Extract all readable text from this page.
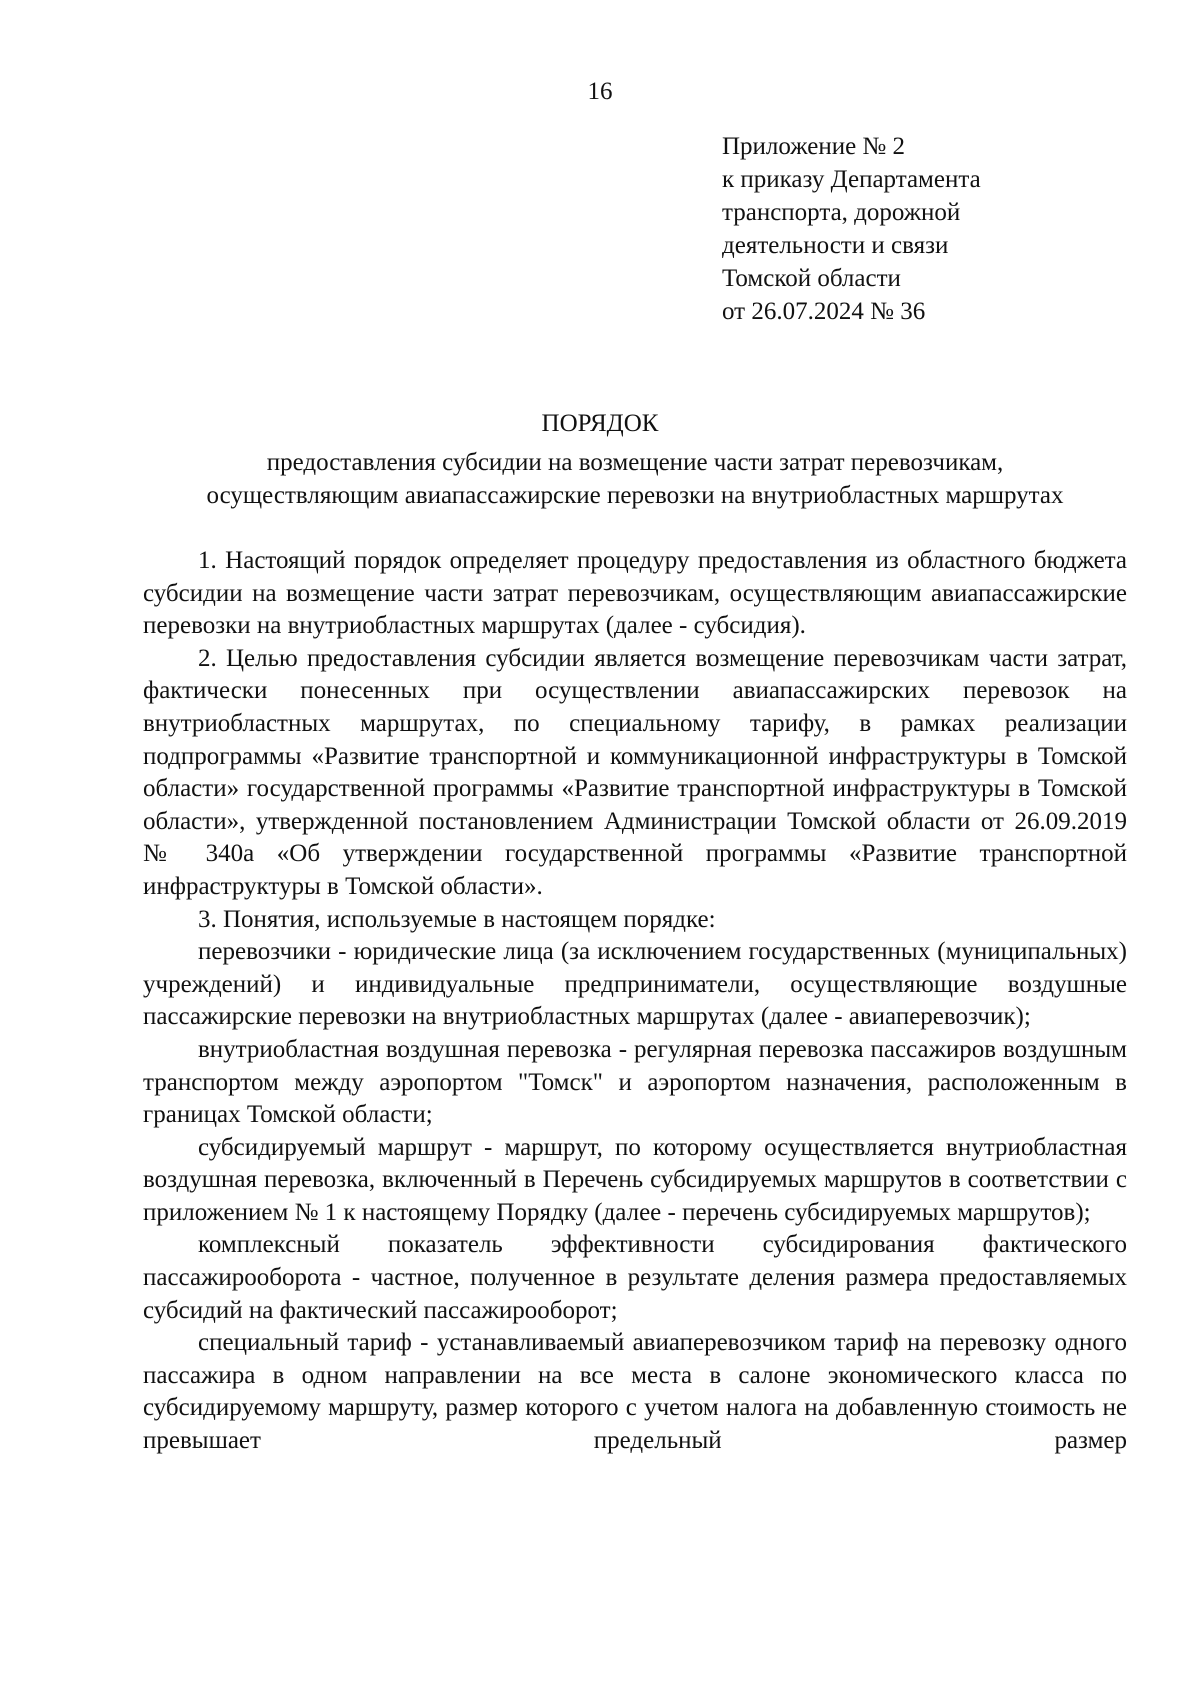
16
Приложение № 2
к приказу Департамента
транспорта, дорожной
деятельности и связи
Томской области
от 26.07.2024 № 36
ПОРЯДОК
предоставления субсидии на возмещение части затрат перевозчикам,
осуществляющим авиапассажирские перевозки на внутриобластных маршрутах

1. Настоящий порядок определяет процедуру предоставления из областного бюджета субсидии на возмещение части затрат перевозчикам, осуществляющим авиапассажирские перевозки на внутриобластных маршрутах (далее - субсидия).

2. Целью предоставления субсидии является возмещение перевозчикам части затрат, фактически понесенных при осуществлении авиапассажирских перевозок на внутриобластных маршрутах, по специальному тарифу, в рамках реализации подпрограммы «Развитие транспортной и коммуникационной инфраструктуры в Томской области» государственной программы «Развитие транспортной инфраструктуры в Томской области», утвержденной постановлением Администрации Томской области от 26.09.2019 № 340а «Об утверждении государственной программы «Развитие транспортной инфраструктуры в Томской области».

3. Понятия, используемые в настоящем порядке:

перевозчики - юридические лица (за исключением государственных (муниципальных) учреждений) и индивидуальные предприниматели, осуществляющие воздушные пассажирские перевозки на внутриобластных маршрутах (далее - авиаперевозчик);

внутриобластная воздушная перевозка - регулярная перевозка пассажиров воздушным транспортом между аэропортом "Томск" и аэропортом назначения, расположенным в границах Томской области;

субсидируемый маршрут - маршрут, по которому осуществляется внутриобластная воздушная перевозка, включенный в Перечень субсидируемых маршрутов в соответствии с приложением № 1 к настоящему Порядку (далее - перечень субсидируемых маршрутов);

комплексный показатель эффективности субсидирования фактического пассажирооборота - частное, полученное в результате деления размера предоставляемых субсидий на фактический пассажирооборот;

специальный тариф - устанавливаемый авиаперевозчиком тариф на перевозку одного пассажира в одном направлении на все места в салоне экономического класса по субсидируемому маршруту, размер которого с учетом налога на добавленную стоимость не превышает предельный размер
